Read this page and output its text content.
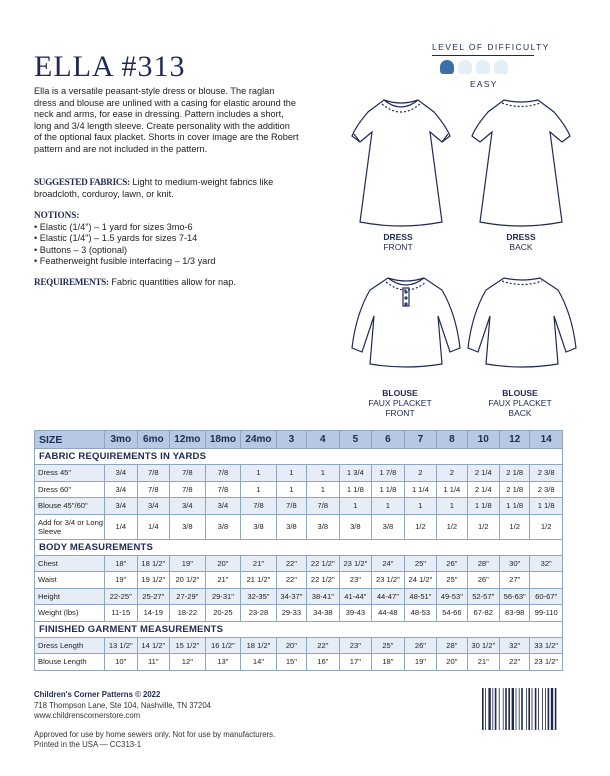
ELLA #313
Ella is a versatile peasant-style dress or blouse. The raglan dress and blouse are unlined with a casing for elastic around the neck and arms, for ease in dressing. Pattern includes a short, long and 3/4 length sleeve. Create personality with the addition of the optional faux placket. Shorts in cover image are the Robert pattern and are not included in the pattern.
SUGGESTED FABRICS: Light to medium-weight fabrics like broadcloth, corduroy, lawn, or knit.
NOTIONS:
• Elastic (1/4") – 1 yard for sizes 3mo-6
• Elastic (1/4") – 1.5 yards for sizes 7-14
• Buttons – 3 (optional)
• Featherweight fusible interfacing – 1/3 yard
REQUIREMENTS: Fabric quantities allow for nap.
LEVEL OF DIFFICULTY
EASY
DRESS
FRONT
DRESS
BACK
BLOUSE
FAUX PLACKET
FRONT
BLOUSE
FAUX PLACKET
BACK
SIZE	3mo	6mo	12mo	18mo	24mo	3	4	5	6	7	8	10	12	14
FABRIC REQUIREMENTS IN YARDS														
Dress 45"	3/4	7/8	7/8	7/8	1	1	1	1 3/4	1 7/8	2	2	2 1/4	2 1/8	2 3/8
Dress 60"	3/4	7/8	7/8	7/8	1	1	1	1 1/8	1 1/8	1 1/4	1 1/4	2 1/4	2 1/8	2 3/8
Blouse 45"/60"	3/4	3/4	3/4	3/4	7/8	7/8	7/8	1	1	1	1	1 1/8	1 1/8	1 1/8
Add for 3/4 or Long Sleeve	1/4	1/4	3/8	3/8	3/8	3/8	3/8	3/8	3/8	1/2	1/2	1/2	1/2	1/2
BODY MEASUREMENTS														
Chest	18"	18 1/2"	19"	20"	21"	22"	22 1/2"	23 1/2"	24"	25"	26"	28"	30"	32"
Waist	19"	19 1/2"	20 1/2"	21"	21 1/2"	22"	22 1/2"	23"	23 1/2"	24 1/2"	25"	26"	27"	
Height	22-25"	25-27"	27-29"	29-31"	32-35"	34-37"	38-41"	41-44"	44-47"	48-51"	49-53"	52-57"	56-63"	60-67"
Weight (lbs)	11-15	14-19	18-22	20-25	23-28	29-33	34-38	39-43	44-48	48-53	54-66	67-82	83-98	99-110
FINISHED GARMENT MEASUREMENTS														
Dress Length	13 1/2"	14 1/2"	15 1/2"	16 1/2"	18 1/2"	20"	22"	23"	25"	26"	28"	30 1/2"	32"	33 1/2"
Blouse Length	10"	11"	12"	13"	14"	15"	16"	17"	18"	19"	20"	21"	22"	23 1/2"
Children's Corner Patterns © 2022
718 Thompson Lane, Ste 104, Nashville, TN 37204
www.childrenscornerstore.com
Approved for use by home sewers only. Not for use by manufacturers.
Printed in the USA — CC313-1
